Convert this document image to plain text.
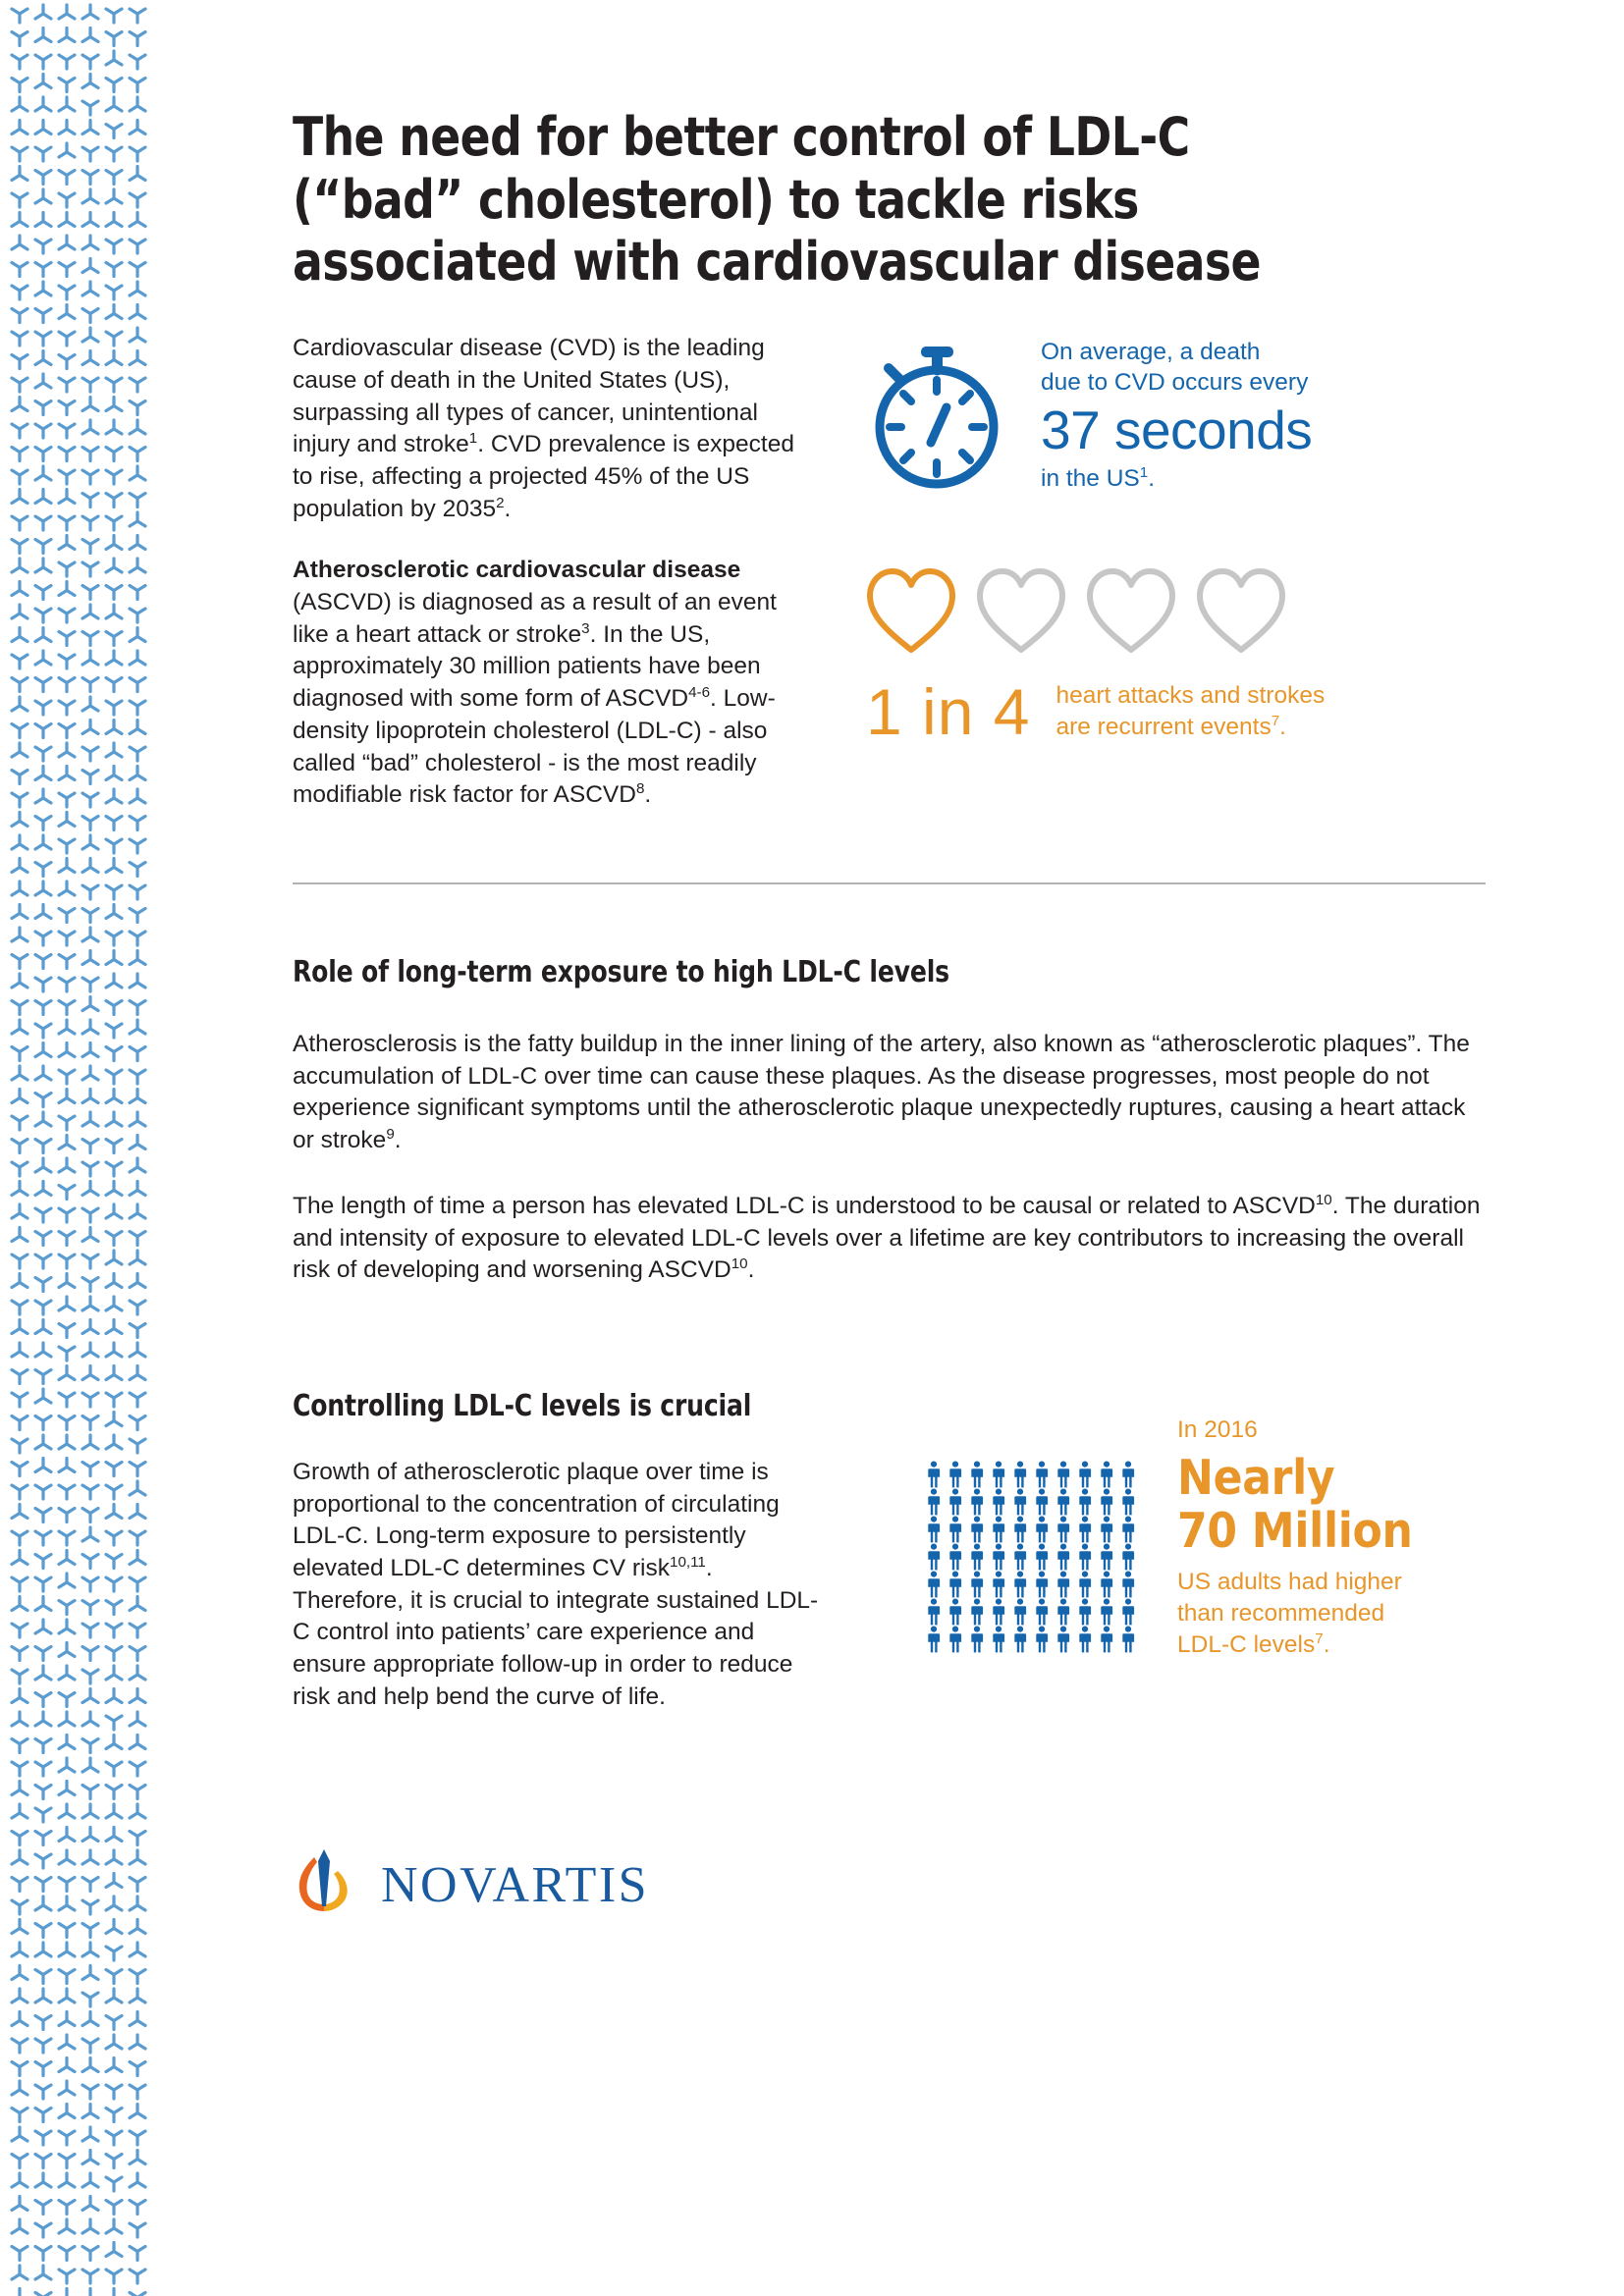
The need for better control of LDL-C (“bad” cholesterol) to tackle risks associated with cardiovascular disease

Cardiovascular disease (CVD) is the leading cause of death in the United States (US), surpassing all types of cancer, unintentional injury and stroke$^1$. CVD prevalence is expected to rise, affecting a projected 45% of the US population by 2035$^2$.

Atherosclerotic cardiovascular disease (ASCVD) is diagnosed as a result of an event like a heart attack or stroke$^3$. In the US, approximately 30 million patients have been diagnosed with some form of ASCVD$^{4-6}$. Low-density lipoprotein cholesterol (LDL-C) - also called “bad” cholesterol - is the most readily modifiable risk factor for ASCVD$^8$.

On average, a death
due to CVD occurs every
37 seconds
in the $US^1$.
1 in 4 heart attacks and strokes
are recurrent events$^7$.
Role of long-term exposure to high LDL-C levels

Atherosclerosis is the fatty buildup in the inner lining of the artery, also known as “atherosclerotic plaques”. The accumulation of LDL-C over time can cause these plaques. As the disease progresses, most people do not experience significant symptoms until the atherosclerotic plaque unexpectedly ruptures, causing a heart attack or stroke$^9$.

The length of time a person has elevated LDL-C is understood to be causal or related to ASCVD$^{10}$. The duration and intensity of exposure to elevated LDL-C levels over a lifetime are key contributors to increasing the overall risk of developing and worsening ASCVD$^{10}$.

Controlling LDL-C levels is crucial

Growth of atherosclerotic plaque over time is proportional to the concentration of circulating LDL-C. Long-term exposure to persistently elevated LDL-C determines CV risk$^{10,11}$. Therefore, it is crucial to integrate sustained LDL-C control into patients’ care experience and ensure appropriate follow-up in order to reduce risk and help bend the curve of life.

In 2016
Nearly
70 Million
US adults had higher
than recommended
LDL-C levels$^7$.
NOVARTIS
